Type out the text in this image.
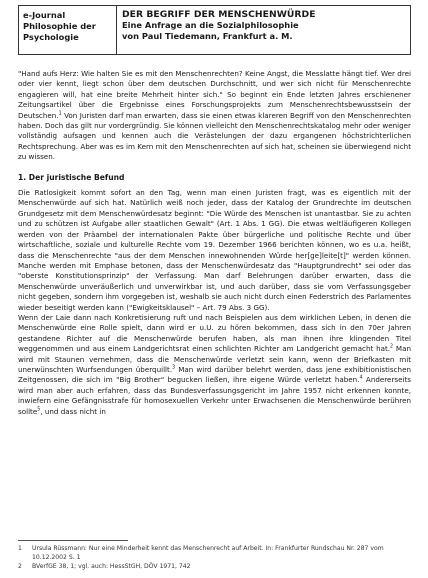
e-Journal
Philosophie der
Psychologie
DER BEGRIFF DER MENSCHENWÜRDE
Eine Anfrage an die Sozialphilosophie
von Paul Tiedemann, Frankfurt a. M.

"Hand aufs Herz: Wie halten Sie es mit den Menschenrechten? Keine Angst, die Messlatte hängt tief. Wer drei oder vier kennt, liegt schon über dem deutschen Durchschnitt, und wer sich nicht für Menschenrechte engagieren will, hat eine breite Mehrheit hinter sich." So beginnt ein Ende letzten Jahres erschienener Zeitungsartikel über die Ergebnisse eines Forschungsprojekts zum Menschenrechtsbewusstsein der Deutschen.$^1$ Von Juristen darf man erwarten, dass sie einen etwas klareren Begriff von den Menschenrechten haben. Doch das gilt nur vordergründig. Sie können vielleicht den Menschenrechtskatalog mehr oder weniger vollständig aufsagen und kennen auch die Verästelungen der dazu ergangenen höchstrichterlichen Rechtsprechung. Aber was es im Kern mit den Menschenrechten auf sich hat, scheinen sie überwiegend nicht zu wissen.

1. Der juristische Befund

Die Ratlosigkeit kommt sofort an den Tag, wenn man einen Juristen fragt, was es eigentlich mit der Menschenwürde auf sich hat. Natürlich weiß noch jeder, dass der Katalog der Grundrechte im deutschen Grundgesetz mit dem Menschenwürdesatz beginnt: "Die Würde des Menschen ist unantastbar. Sie zu achten und zu schützen ist Aufgabe aller staatlichen Gewalt" (Art. 1 Abs. 1 GG). Die etwas weltläufigeren Kollegen werden von der Präambel der internationalen Pakte über bürgerliche und politische Rechte und über wirtschaftliche, soziale und kulturelle Rechte vom 19. Dezember 1966 berichten können, wo es u.a. heißt, dass die Menschenrechte "aus der dem Menschen innewohnenden Würde her[ge]leite[t]" werden können. Manche werden mit Emphase betonen, dass der Menschenwürdesatz das "Hauptgrundrecht" sei oder das "oberste Konstitutionsprinzip" der Verfassung. Man darf Belehrungen darüber erwarten, dass die Menschenwürde unveräußerlich und unverwirkbar ist, und auch darüber, dass sie vom Verfassungsgeber nicht gegeben, sondern ihm vorgegeben ist, weshalb sie auch nicht durch einen Federstrich des Parlamentes wieder beseitigt werden kann ("Ewigkeitsklausel" – Art. 79 Abs. 3 GG).

Wenn der Laie dann nach Konkretisierung ruft und nach Beispielen aus dem wirklichen Leben, in denen die Menschenwürde eine Rolle spielt, dann wird er u.U. zu hören bekommen, dass sich in den 70er Jahren gestandene Richter auf die Menschenwürde berufen haben, als man ihnen ihre klingenden Titel weggenommen und aus einem Landgerichtsrat einen schlichten Richter am Landgericht gemacht hat.$^2$ Man wird mit Staunen vernehmen, dass die Menschenwürde verletzt sein kann, wenn der Briefkasten mit unerwünschten Wurfsendungen überquillt.$^3$ Man wird darüber belehrt werden, dass jene exhibitionistischen Zeitgenossen, die sich im "Big Brother" begucken ließen, ihre eigene Würde verletzt haben.$^4$ Andererseits wird man aber auch erfahren, dass das Bundesverfassungsgericht im Jahre 1957 nicht erkennen konnte, inwiefern eine Gefängnisstrafe für homosexuellen Verkehr unter Erwachsenen die Menschenwürde berühren sollte$^5$, und dass nicht in

1	Ursula Rüssmann: Nur eine Minderheit kennt das Menschenrecht auf Arbeit. In: Frankfurter Rundschau Nr. 287 vom 10.12.2002 S. 1
2	BVerfGE 38, 1; vgl. auch: HessStGH, DÖV 1971, 742
